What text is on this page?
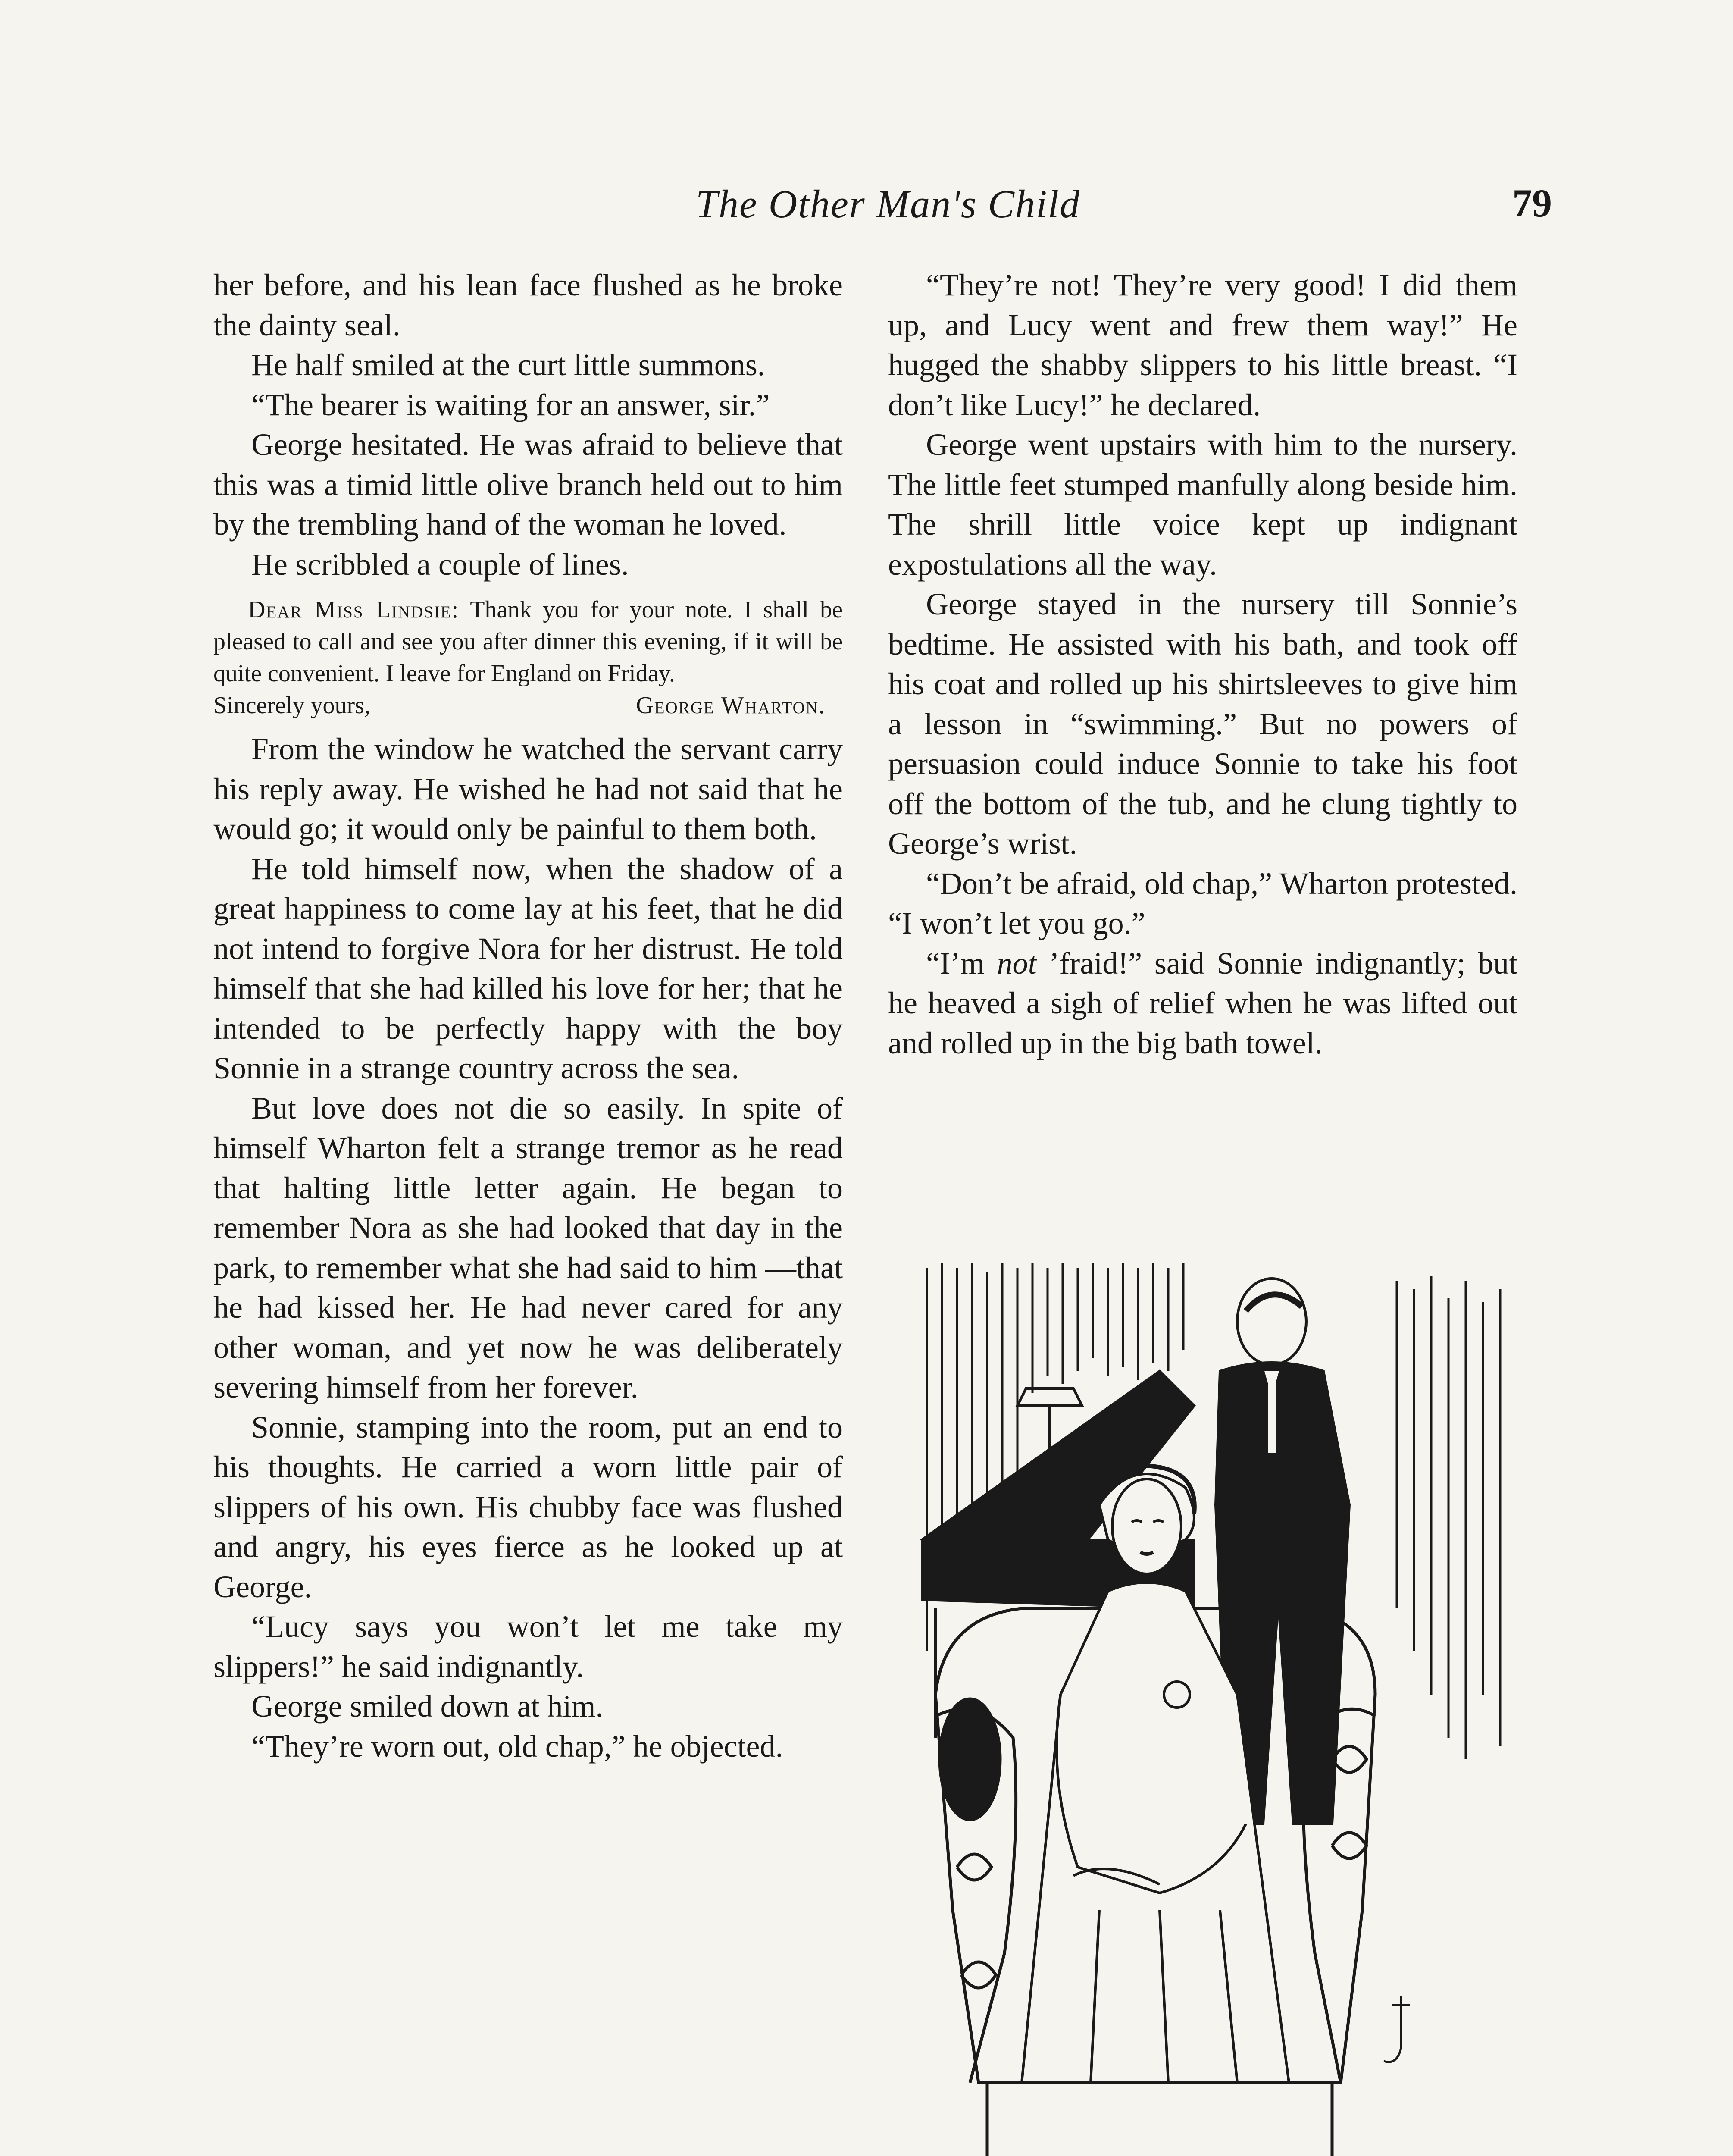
The Other Man's Child	79

her before, and his lean face flushed as he broke the dainty seal.

He half smiled at the curt little summons.

“The bearer is waiting for an answer, sir.”

George hesitated. He was afraid to believe that this was a timid little olive branch held out to him by the trembling hand of the woman he loved.

He scribbled a couple of lines.

Dear Miss Lindsie: Thank you for your note. I shall be pleased to call and see you after dinner this evening, if it will be quite convenient. I leave for England on Friday.
Sincerely yours,	George Wharton.

From the window he watched the servant carry his reply away. He wished he had not said that he would go; it would only be painful to them both.

He told himself now, when the shadow of a great happiness to come lay at his feet, that he did not intend to forgive Nora for her distrust. He told himself that she had killed his love for her; that he intended to be perfectly happy with the boy Sonnie in a strange country across the sea.

But love does not die so easily. In spite of himself Wharton felt a strange tremor as he read that halting little letter again. He began to remember Nora as she had looked that day in the park, to remember what she had said to him —that he had kissed her. He had never cared for any other woman, and yet now he was deliberately severing himself from her forever.

Sonnie, stamping into the room, put an end to his thoughts. He carried a worn little pair of slippers of his own. His chubby face was flushed and angry, his eyes fierce as he looked up at George.

“Lucy says you won’t let me take my slippers!” he said indignantly.

George smiled down at him.

“They’re worn out, old chap,” he objected.

“They’re not! They’re very good! I did them up, and Lucy went and frew them way!” He hugged the shabby slippers to his little breast. “I don’t like Lucy!” he declared.

George went upstairs with him to the nursery. The little feet stumped manfully along beside him. The shrill little voice kept up indignant expostulations all the way.

George stayed in the nursery till Sonnie’s bedtime. He assisted with his bath, and took off his coat and rolled up his shirtsleeves to give him a lesson in “swimming.” But no powers of persuasion could induce Sonnie to take his foot off the bottom of the tub, and he clung tightly to George’s wrist.

“Don’t be afraid, old chap,” Wharton protested. “I won’t let you go.”

“I’m not ’fraid!” said Sonnie indignantly; but he heaved a sigh of relief when he was lifted out and rolled up in the big bath towel.
